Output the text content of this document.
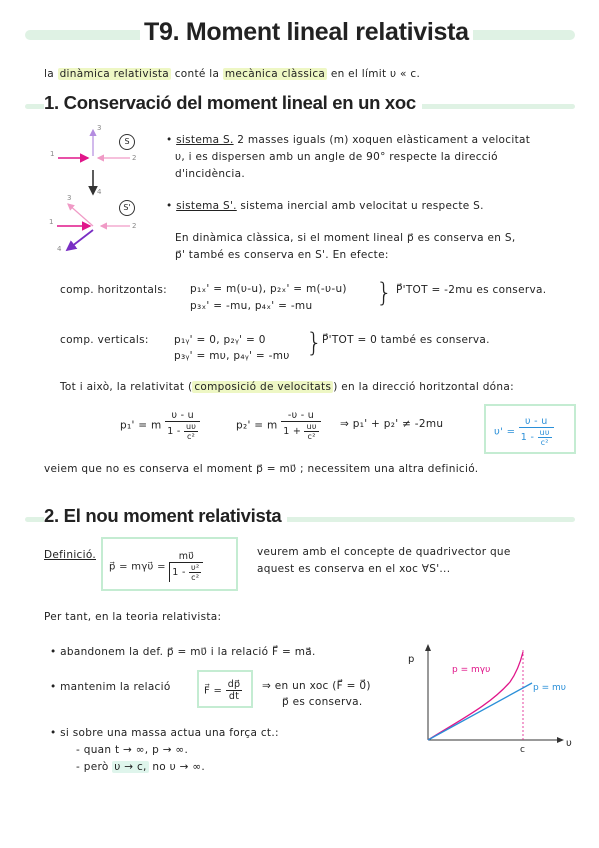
T9. Moment lineal relativista
la dinàmica relativista conté la mecànica clàssica en el límit υ « c.
1. Conservació del moment lineal en un xoc
1
3
2
4
3
1	2
4
S
S'
• sistema S. 2 masses iguals (m) xoquen elàsticament a velocitat
υ, i es dispersen amb un angle de 90° respecte la direcció
d'incidència.
• sistema S'. sistema inercial amb velocitat u respecte S.
En dinàmica clàssica, si el moment lineal p⃗ es conserva en S,
p⃗' també es conserva en S'. En efecte:
comp. horitzontals: p₁ₓ' = m(υ-u), p₂ₓ' = m(-υ-u)
p₃ₓ' = -mu, p₄ₓ' = -mu } P⃗'TOT = -2mu es conserva.
comp. verticals: p₁ᵧ' = 0, p₂ᵧ' = 0
p₃ᵧ' = mυ, p₄ᵧ' = -mυ } P⃗'TOT = 0 també es conserva.
Tot i això, la relativitat ( composició de velocitats ) en la direcció horitzontal dóna:
p₁' = m $\frac{\upsilon - u}{1 - \frac{u\upsilon}{\text{c²}}}$	p₂' = m $\frac{-\upsilon - u}{1 + \frac{u\upsilon}{\text{c²}}}$ ⇒ p₁' + p₂' ≠ -2mu
$\upsilon' = \frac{\upsilon - u}{1 - \frac{u\upsilon}{\text{c²}}}$
veiem que no es conserva el moment p⃗ = mυ⃗ ; necessitem una altra definició.
2. El nou moment relativista
Definició.
p⃗ = mγυ⃗ = $\frac{m\upsilon⃗}{1 - \frac{\text{υ²}}{\text{c²}}}$	veurem amb el concepte de quadrivector que
aquest es conserva en el xoc ∀S'...
Per tant, en la teoria relativista:
• abandonem la def. p⃗ = mυ⃗ i la relació F⃗ = ma⃗.
• mantenim la relació	F⃗ = $\frac{dp⃗}{dt}$ ⇒ en un xoc (F⃗ = 0⃗)
p⃗ es conserva.
• si sobre una massa actua una força ct.:
- quan t → ∞, p → ∞.
- però υ → c, no υ → ∞.
p
υ
c
p = mγυ
p = mυ
